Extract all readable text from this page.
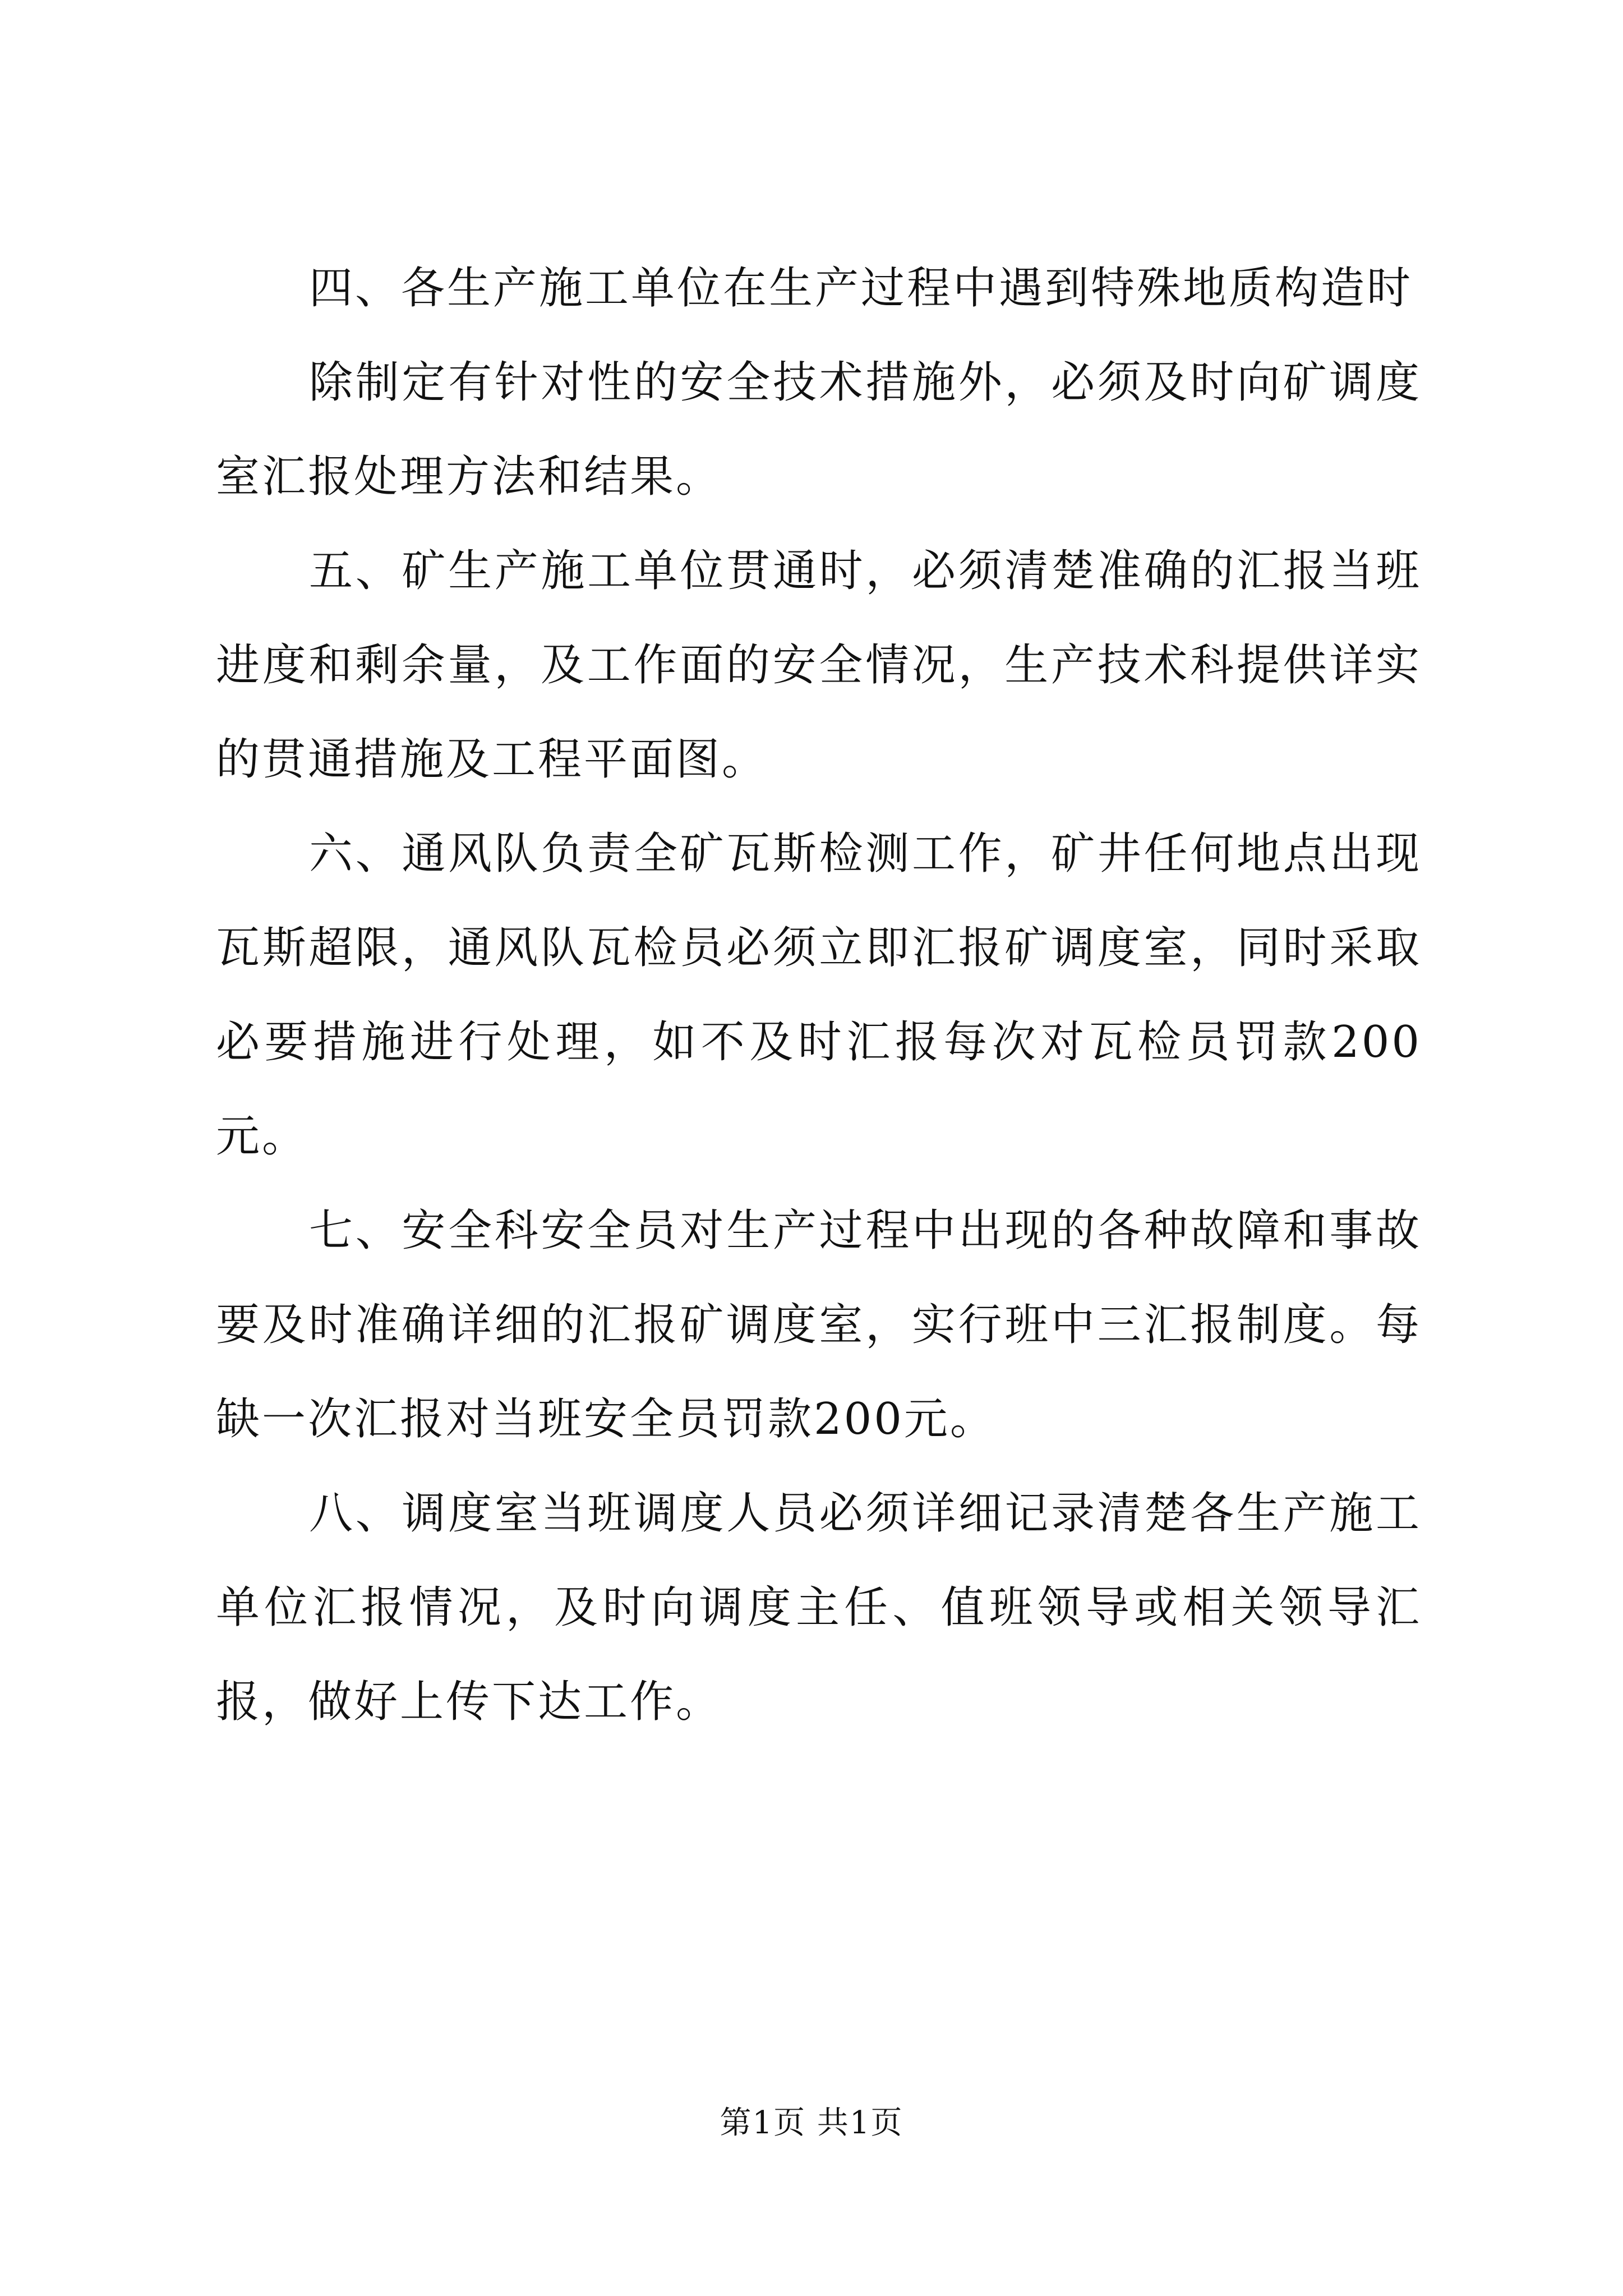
四、各生产施工单位在生产过程中遇到特殊地质构造时

除制定有针对性的安全技术措施外，必须及时向矿调度室汇报处理方法和结果。

五、矿生产施工单位贯通时，必须清楚准确的汇报当班进度和剩余量，及工作面的安全情况，生产技术科提供详实的贯通措施及工程平面图。

六、通风队负责全矿瓦斯检测工作，矿井任何地点出现瓦斯超限，通风队瓦检员必须立即汇报矿调度室，同时采取必要措施进行处理，如不及时汇报每次对瓦检员罚款200元。

七、安全科安全员对生产过程中出现的各种故障和事故要及时准确详细的汇报矿调度室，实行班中三汇报制度。每缺一次汇报对当班安全员罚款200元。

八、调度室当班调度人员必须详细记录清楚各生产施工单位汇报情况，及时向调度主任、值班领导或相关领导汇报，做好上传下达工作。

第1页 共1页
